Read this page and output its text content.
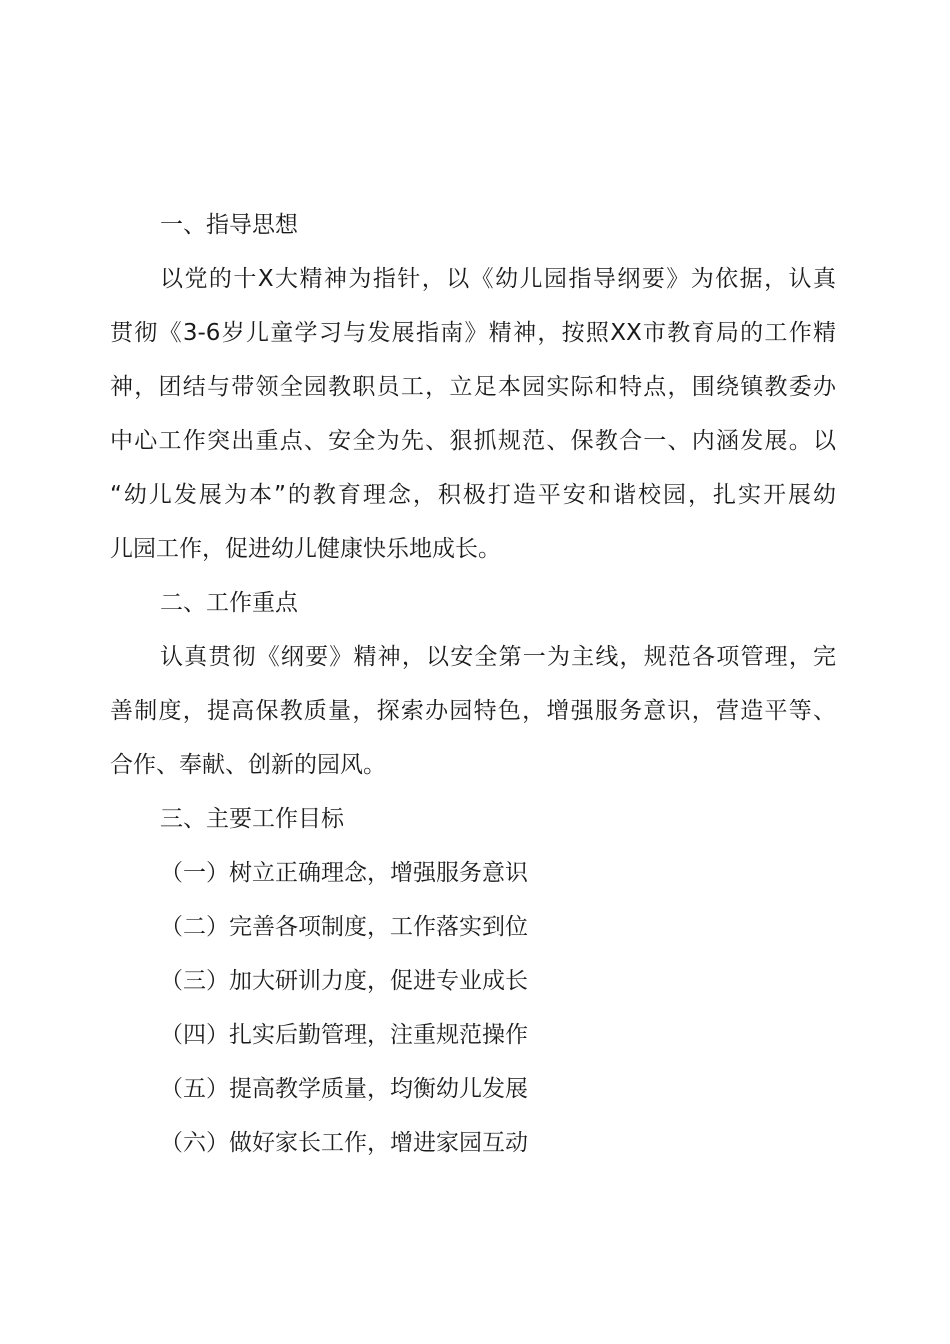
一、指导思想
以党的十X大精神为指针，以《幼儿园指导纲要》为依据，认真
贯彻《3-6岁儿童学习与发展指南》精神，按照XX市教育局的工作精
神，团结与带领全园教职员工，立足本园实际和特点，围绕镇教委办
中心工作突出重点、安全为先、狠抓规范、保教合一、内涵发展。以
“幼儿发展为本”的教育理念，积极打造平安和谐校园，扎实开展幼
儿园工作，促进幼儿健康快乐地成长。
二、工作重点
认真贯彻《纲要》精神，以安全第一为主线，规范各项管理，完
善制度，提高保教质量，探索办园特色，增强服务意识，营造平等、
合作、奉献、创新的园风。
三、主要工作目标
（一）树立正确理念，增强服务意识
（二）完善各项制度，工作落实到位
（三）加大研训力度，促进专业成长
（四）扎实后勤管理，注重规范操作
（五）提高教学质量，均衡幼儿发展
（六）做好家长工作，增进家园互动
